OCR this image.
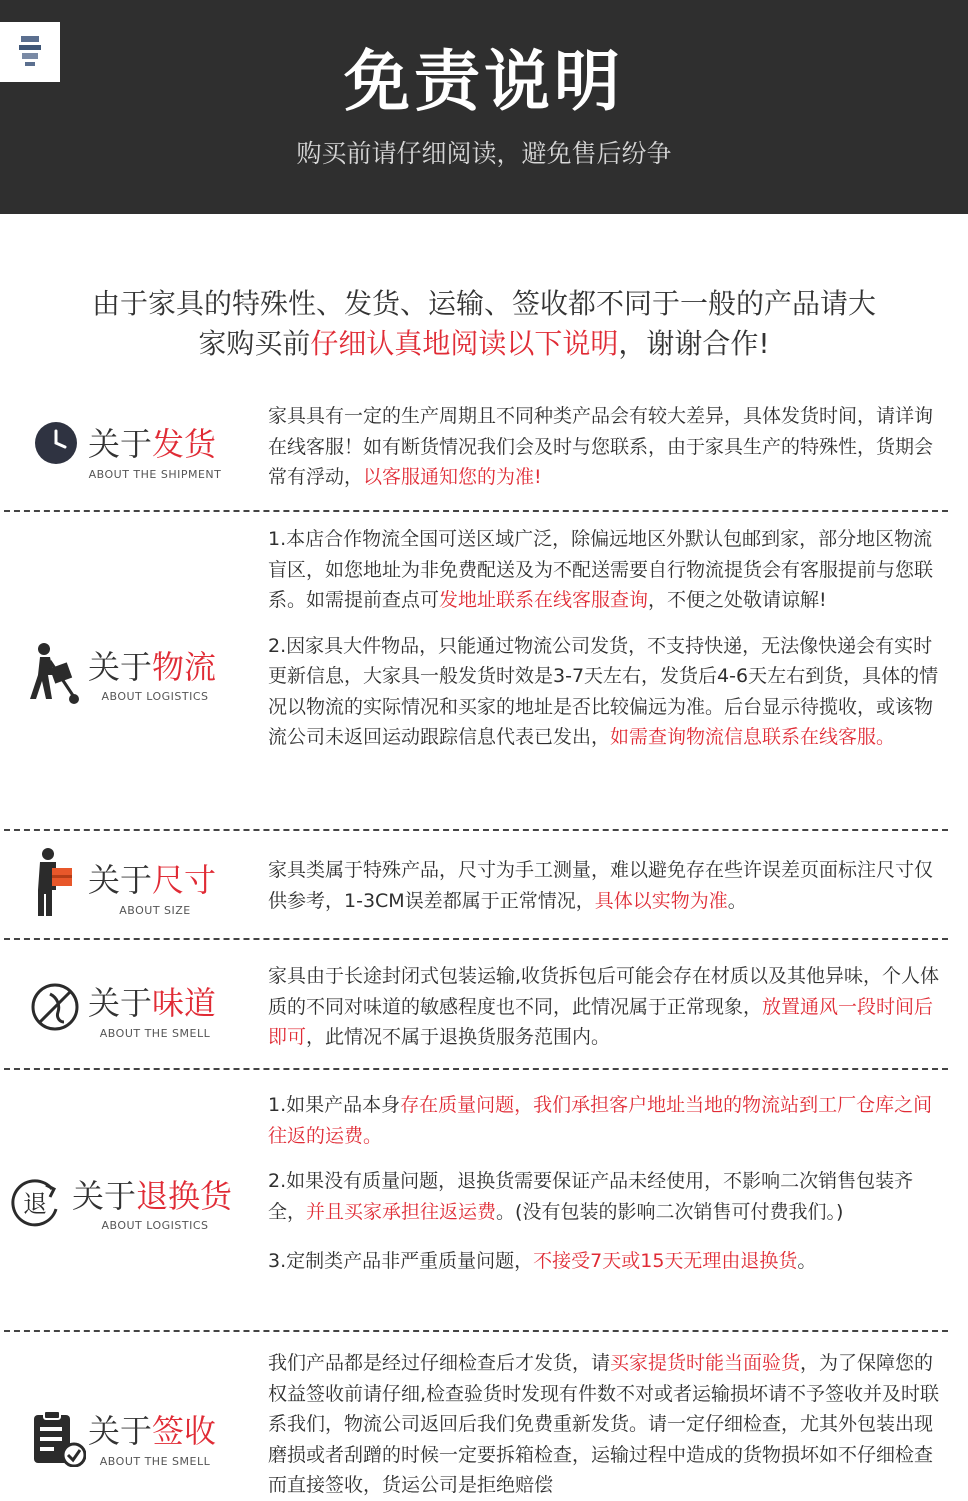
免责说明
购买前请仔细阅读，避免售后纷争
由于家具的特殊性、发货、运输、签收都不同于一般的产品请大
家购买前仔细认真地阅读以下说明，谢谢合作!
关于发货
ABOUT THE SHIPMENT

家具具有一定的生产周期且不同种类产品会有较大差异，具体发货时间，请详询在线客服！如有断货情况我们会及时与您联系，由于家具生产的特殊性，货期会常有浮动，以客服通知您的为准!

关于物流
ABOUT LOGISTICS

1.本店合作物流全国可送区域广泛，除偏远地区外默认包邮到家，部分地区物流盲区，如您地址为非免费配送及为不配送需要自行物流提货会有客服提前与您联系。如需提前查点可发地址联系在线客服查询，不便之处敬请谅解!

2.因家具大件物品，只能通过物流公司发货，不支持快递，无法像快递会有实时更新信息，大家具一般发货时效是3-7天左右，发货后4-6天左右到货，具体的情况以物流的实际情况和买家的地址是否比较偏远为准。后台显示待揽收，或该物流公司未返回运动跟踪信息代表已发出，如需查询物流信息联系在线客服。

关于尺寸
ABOUT SIZE

家具类属于特殊产品，尺寸为手工测量，难以避免存在些许误差页面标注尺寸仅供参考，1-3CM误差都属于正常情况，具体以实物为准。

关于味道
ABOUT THE SMELL

家具由于长途封闭式包装运输,收货拆包后可能会存在材质以及其他异味，个人体质的不同对味道的敏感程度也不同，此情况属于正常现象，放置通风一段时间后即可，此情况不属于退换货服务范围内。

退 关于退换货
ABOUT LOGISTICS

1.如果产品本身存在质量问题，我们承担客户地址当地的物流站到工厂仓库之间往返的运费。

2.如果没有质量问题，退换货需要保证产品未经使用，不影响二次销售包装齐全，并且买家承担往返运费。(没有包装的影响二次销售可付费我们。)

3.定制类产品非严重质量问题，不接受7天或15天无理由退换货。

关于签收
ABOUT THE SMELL

我们产品都是经过仔细检查后才发货，请买家提货时能当面验货，为了保障您的权益签收前请仔细,检查验货时发现有件数不对或者运输损坏请不予签收并及时联系我们，物流公司返回后我们免费重新发货。请一定仔细检查，尤其外包装出现磨损或者刮蹭的时候一定要拆箱检查，运输过程中造成的货物损坏如不仔细检查而直接签收，货运公司是拒绝赔偿
